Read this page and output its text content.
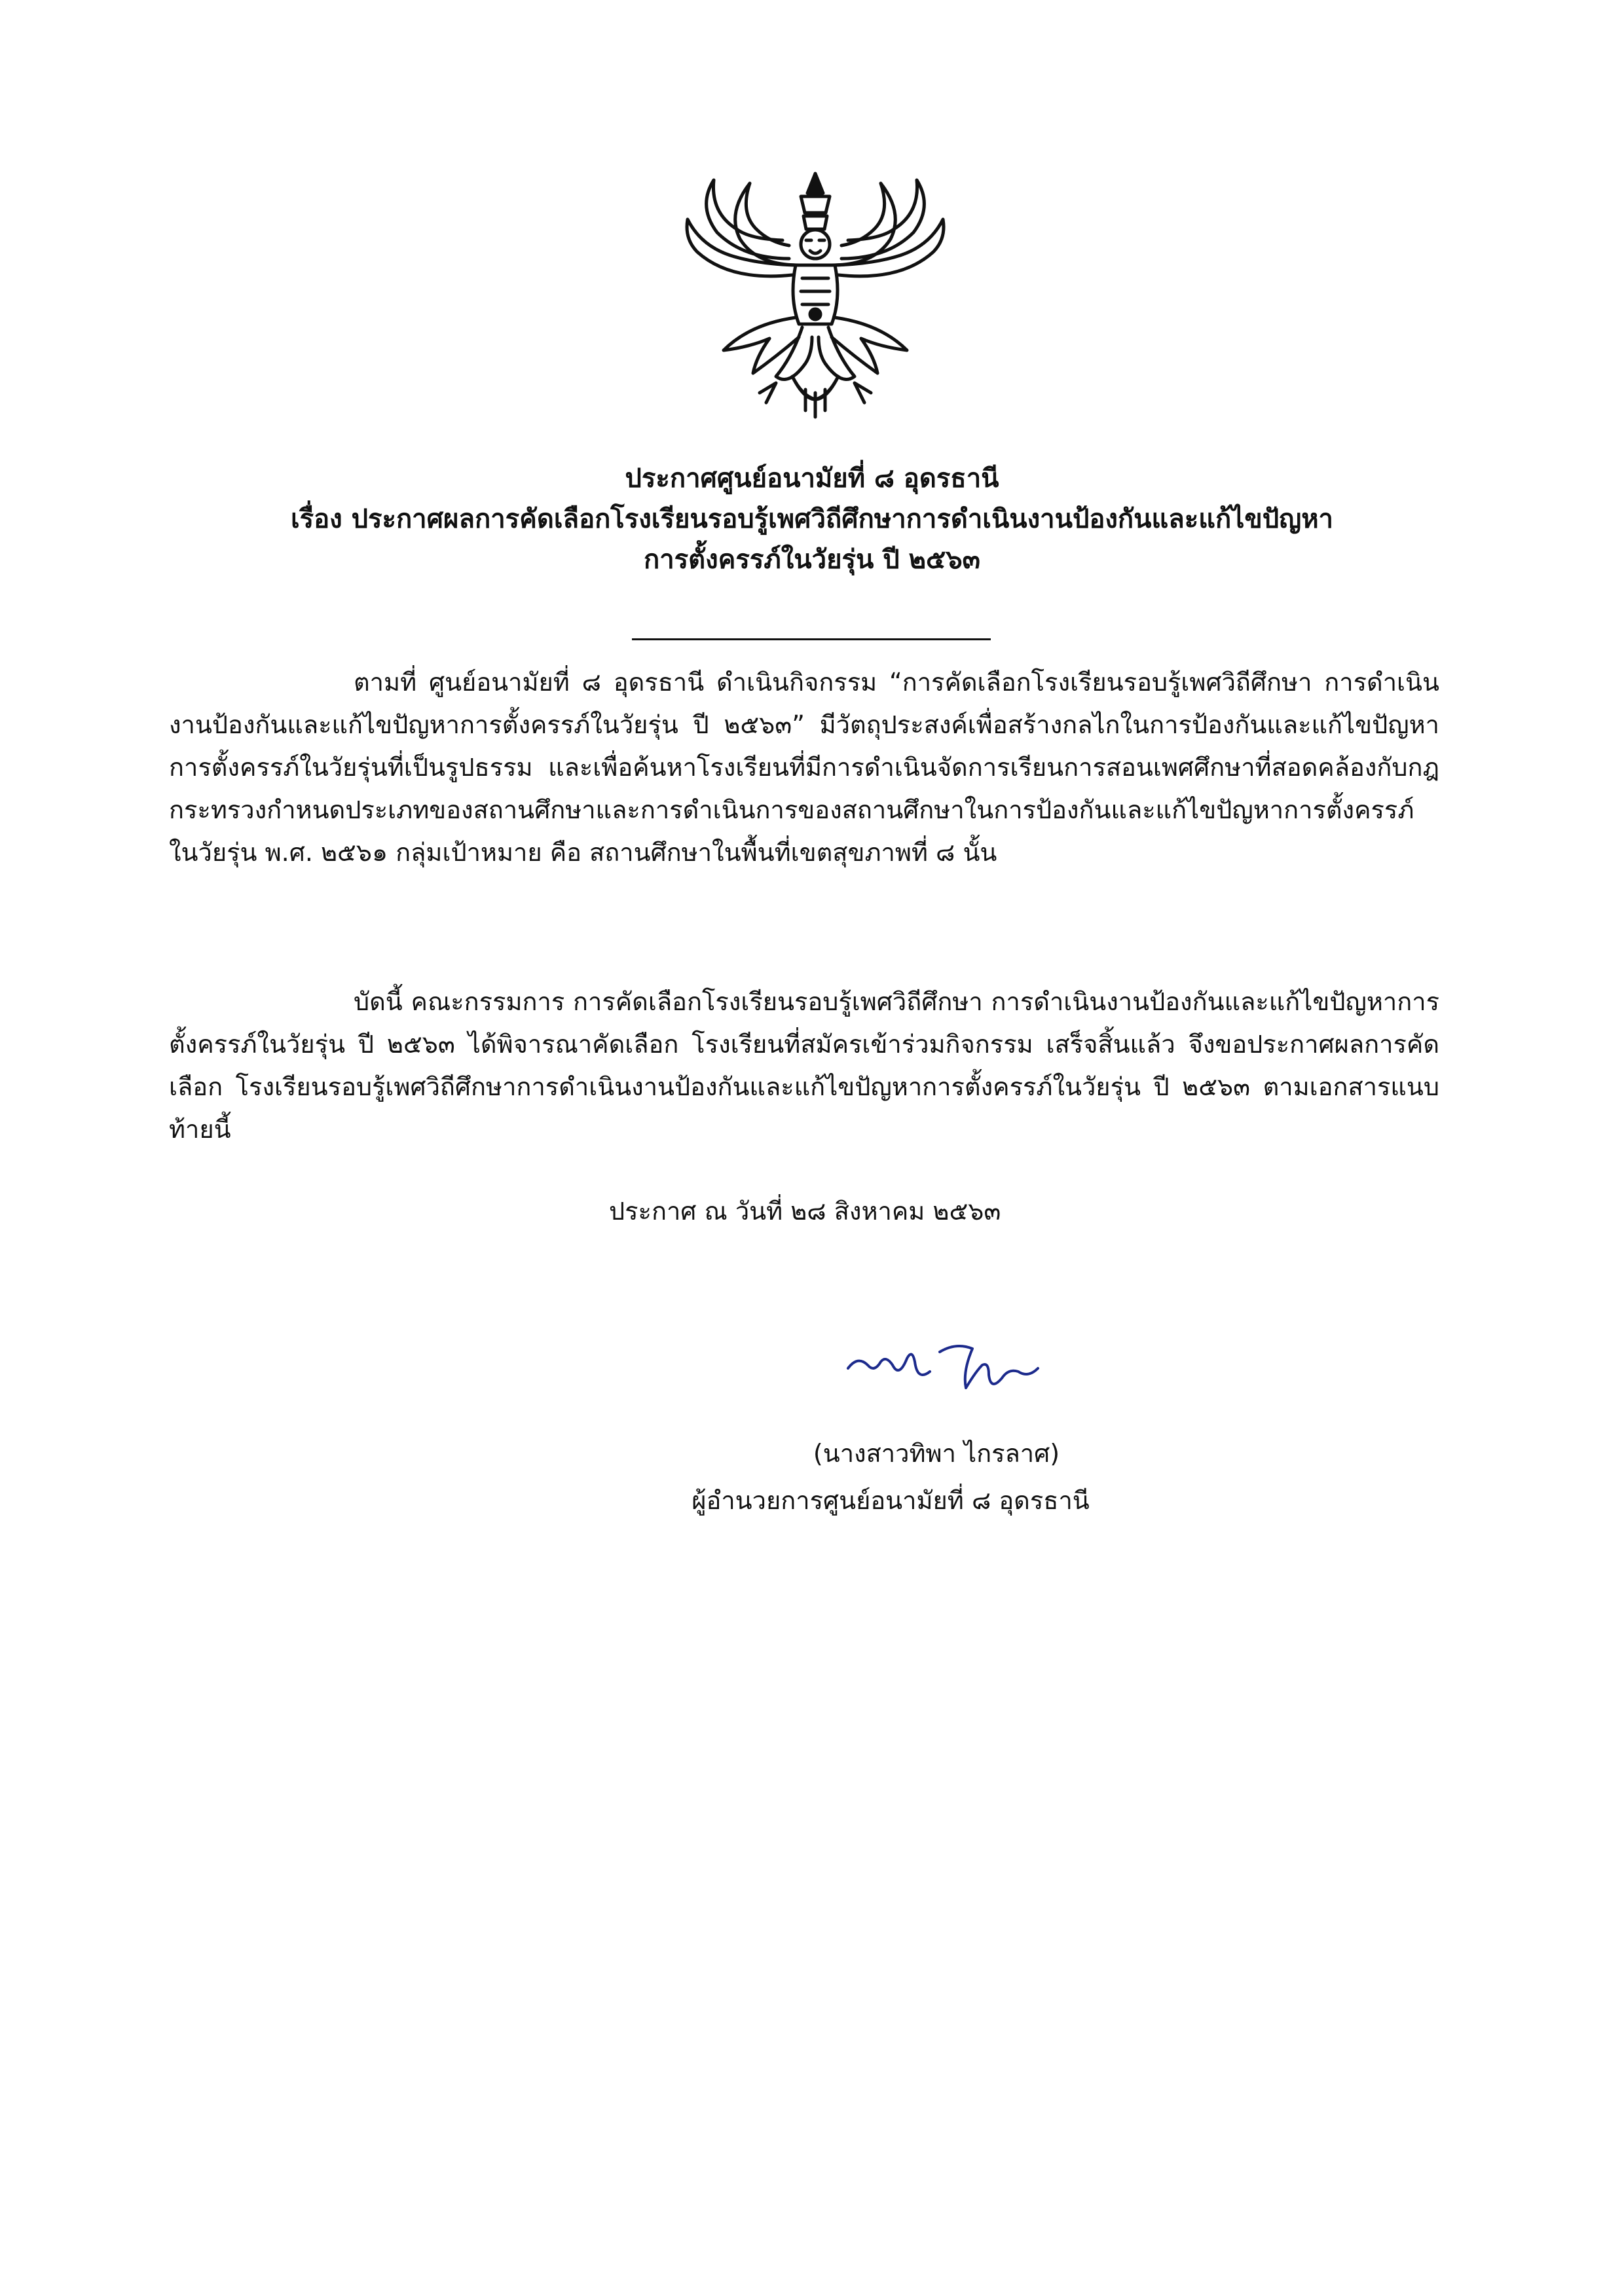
ประกาศศูนย์อนามัยที่ ๘ อุดรธานี
เรื่อง ประกาศผลการคัดเลือกโรงเรียนรอบรู้เพศวิถีศึกษาการดำเนินงานป้องกันและแก้ไขปัญหา
การตั้งครรภ์ในวัยรุ่น ปี ๒๕๖๓

ตามที่ ศูนย์อนามัยที่ ๘ อุดรธานี ดำเนินกิจกรรม “การคัดเลือกโรงเรียนรอบรู้เพศวิถีศึกษา การดำเนินงานป้องกันและแก้ไขปัญหาการตั้งครรภ์ในวัยรุ่น ปี ๒๕๖๓” มีวัตถุประสงค์เพื่อสร้างกลไกในการป้องกันและแก้ไขปัญหาการตั้งครรภ์ในวัยรุ่นที่เป็นรูปธรรม และเพื่อค้นหาโรงเรียนที่มีการดำเนินจัดการเรียนการสอนเพศศึกษาที่สอดคล้องกับกฎกระทรวงกำหนดประเภทของสถานศึกษาและการดำเนินการของสถานศึกษาในการป้องกันและแก้ไขปัญหาการตั้งครรภ์ในวัยรุ่น พ.ศ. ๒๕๖๑ กลุ่มเป้าหมาย คือ สถานศึกษาในพื้นที่เขตสุขภาพที่ ๘ นั้น

บัดนี้ คณะกรรมการ การคัดเลือกโรงเรียนรอบรู้เพศวิถีศึกษา การดำเนินงานป้องกันและแก้ไขปัญหาการตั้งครรภ์ในวัยรุ่น ปี ๒๕๖๓ ได้พิจารณาคัดเลือก โรงเรียนที่สมัครเข้าร่วมกิจกรรม เสร็จสิ้นแล้ว จึงขอประกาศผลการคัดเลือก โรงเรียนรอบรู้เพศวิถีศึกษาการดำเนินงานป้องกันและแก้ไขปัญหาการตั้งครรภ์ในวัยรุ่น ปี ๒๕๖๓ ตามเอกสารแนบท้ายนี้

ประกาศ ณ วันที่ ๒๘ สิงหาคม ๒๕๖๓
(นางสาวทิพา ไกรลาศ)
ผู้อำนวยการศูนย์อนามัยที่ ๘ อุดรธานี
